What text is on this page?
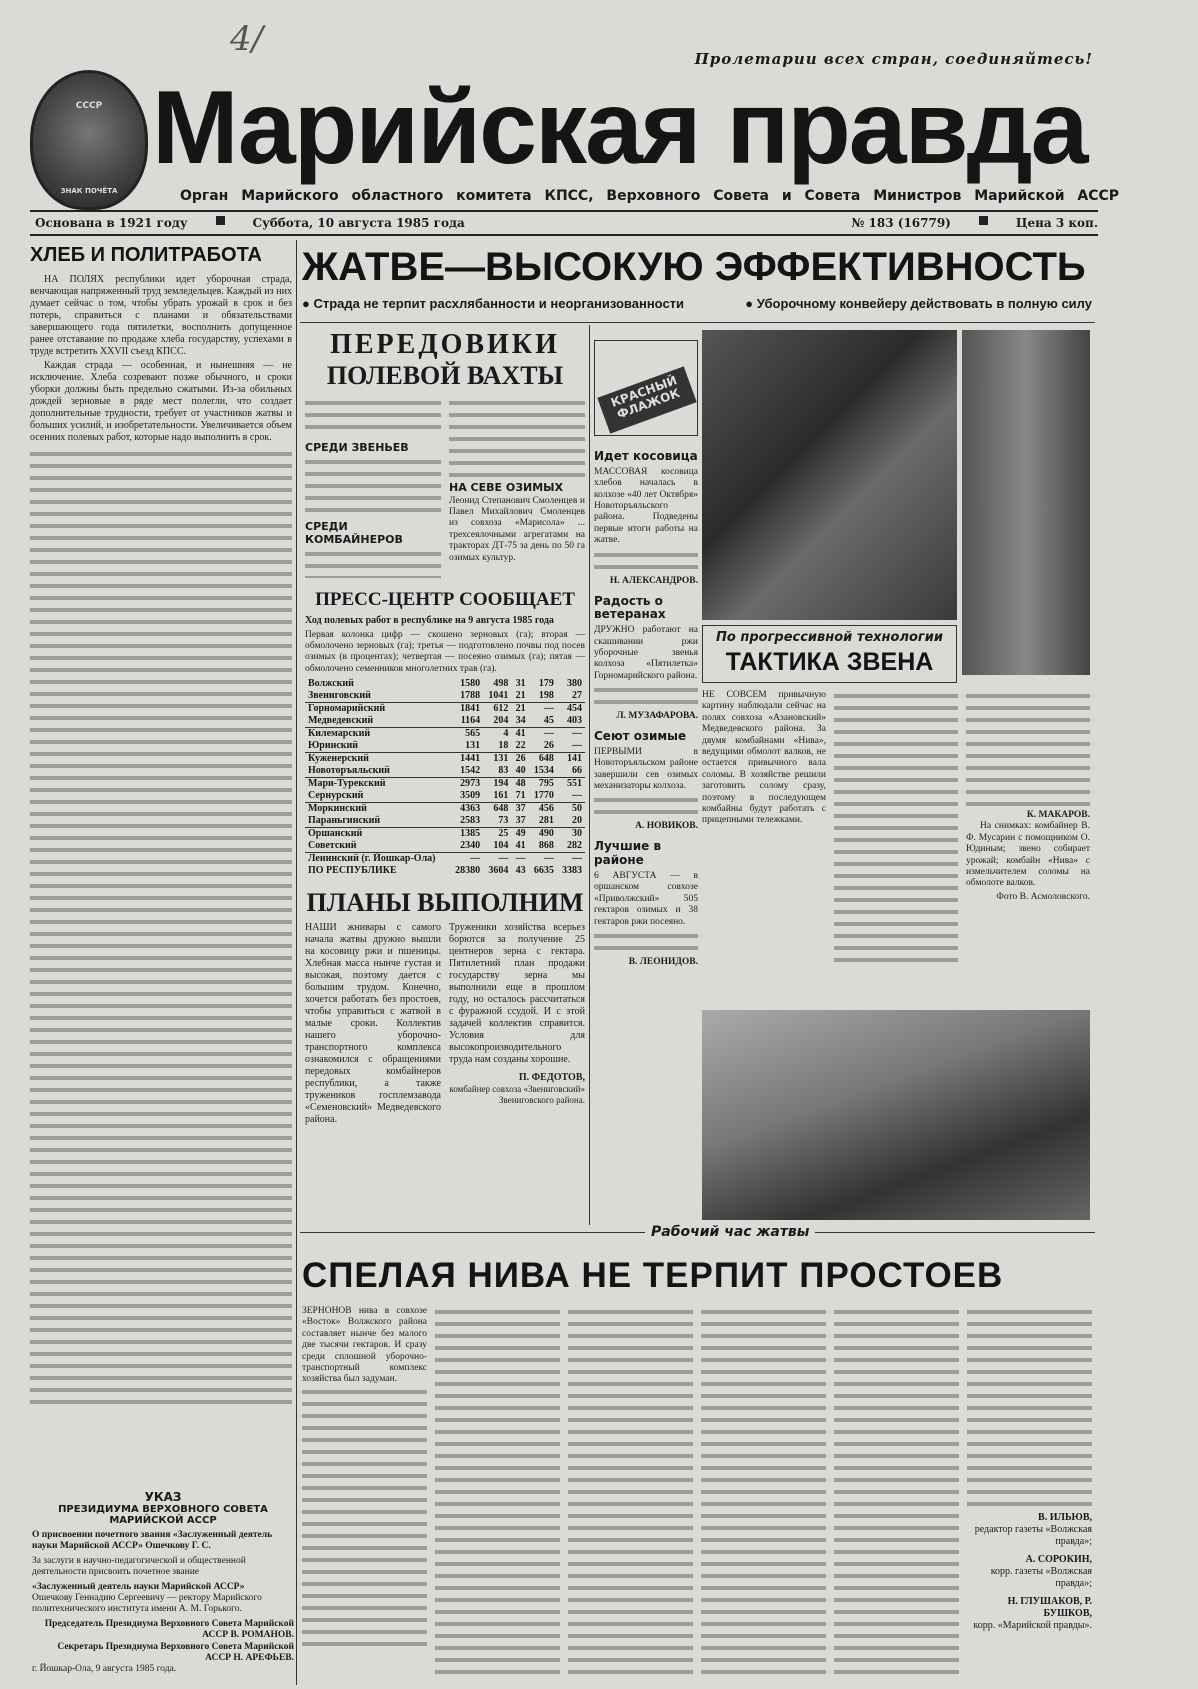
СССР
ЗНАК ПОЧЁТА
4/	Пролетарии всех стран, соединяйтесь!
Марийская правда
Орган Марийского областного комитета КПСС, Верховного Совета и Совета Министров Марийской АССР
Основана в 1921 году	Суббота, 10 августа 1985 года	№ 183 (16779)	Цена 3 коп.
ХЛЕБ И ПОЛИТРАБОТА

НА ПОЛЯХ республики идет уборочная страда, венчающая напряженный труд земледельцев. Каждый из них думает сейчас о том, чтобы убрать урожай в срок и без потерь, справиться с планами и обязательствами завершающего года пятилетки, восполнить допущенное ранее отставание по продаже хлеба государству, успехами в труде встретить XXVII съезд КПСС.

Каждая страда — особенная, и нынешняя — не исключение. Хлеба созревают позже обычного, и сроки уборки должны быть предельно сжатыми. Из-за обильных дождей зерновые в ряде мест полегли, что создает дополнительные трудности, требует от участников жатвы и больших усилий, и изобретательности. Увеличивается объем осенних полевых работ, которые надо выполнить в срок.

УКАЗ
ПРЕЗИДИУМА ВЕРХОВНОГО СОВЕТА МАРИЙСКОЙ АССР

О присвоении почетного звания «Заслуженный деятель науки Марийской АССР» Ошечкову Г. С.

За заслуги в научно-педагогической и общественной деятельности присвоить почетное звание

«Заслуженный деятель науки Марийской АССР»

Ошечкову Геннадию Сергеевичу — ректору Марийского политехнического института имени А. М. Горького.

Председатель Президиума Верховного Совета Марийской АССР В. РОМАНОВ.

Секретарь Президиума Верховного Совета Марийской АССР Н. АРЕФЬЕВ.

г. Йошкар-Ола, 9 августа 1985 года.

ЖАТВЕ—ВЫСОКУЮ ЭФФЕКТИВНОСТЬ
● Страда не терпит расхлябанности и неорганизованности	● Уборочному конвейеру действовать в полную силу
ПЕРЕДОВИКИ
ПОЛЕВОЙ ВАХТЫ
СРЕДИ ЗВЕНЬЕВ
СРЕДИ КОМБАЙНЕРОВ
НА СЕВЕ ОЗИМЫХ
Леонид Степанович Смоленцев и Павел Михайлович Смоленцев из совхоза «Марисола» ... трехсеялочными агрегатами на тракторах ДТ-75 за день по 50 га озимых культур.
ПРЕСС-ЦЕНТР СООБЩАЕТ
Ход полевых работ в республике на 9 августа 1985 года
Первая колонка цифр — скошено зерновых (га); вторая — обмолочено зерновых (га); третья — подготовлено почвы под посев озимых (в процентах); четвертая — посеяно озимых (га); пятая — обмолочено семенников многолетних трав (га).
Волжский	1580	498	31	179	380
Звениговский	1788	1041	21	198	27
Горномарийский	1841	612	21	—	454
Медведевский	1164	204	34	45	403
Килемарский	565	4	41	—	—
Юринский	131	18	22	26	—
Куженерский	1441	131	26	648	141
Новоторъяльский	1542	83	40	1534	66
Мари-Турекский	2973	194	48	795	551
Сернурский	3509	161	71	1770	—
Моркинский	4363	648	37	456	50
Параньгинский	2583	73	37	281	20
Оршанский	1385	25	49	490	30
Советский	2340	104	41	868	282
Ленинский (г. Йошкар-Ола)	—	—	—	—	—
ПО РЕСПУБЛИКЕ	28380	3604	43	6635	3383
ПЛАНЫ ВЫПОЛНИМ
НАШИ жнивары с самого начала жатвы дружно вышли на косовицу ржи и пшеницы. Хлебная масса нынче густая и высокая, поэтому дается с большим трудом. Конечно, хочется работать без простоев, чтобы управиться с жатвой в малые сроки. Коллектив нашего уборочно-транспортного комплекса ознакомился с обращениями передовых комбайнеров республики, а также тружеников госплемзавода «Семеновский» Медведевского района.
Труженики хозяйства всерьез борются за получение 25 центнеров зерна с гектара. Пятилетний план продажи государству зерна мы выполнили еще в прошлом году, но осталось рассчитаться с фуражной ссудой. И с этой задачей коллектив справится. Условия для высокопроизводительного труда нам созданы хорошие.
П. ФЕДОТОВ,
комбайнер совхоза «Звениговский» Звениговского района.
КРАСНЫЙ ФЛАЖОК
Идет косовица
МАССОВАЯ косовица хлебов началась в колхозе «40 лет Октября» Новоторъяльского района. Подведены первые итоги работы на жатве.
Н. АЛЕКСАНДРОВ.
Радость о ветеранах
ДРУЖНО работают на скашивании ржи уборочные звенья колхоза «Пятилетка» Горномарийского района.
Л. МУЗАФАРОВА.
Сеют озимые
ПЕРВЫМИ в Новоторъяльском районе завершили сев озимых механизаторы колхоза.
А. НОВИКОВ.
Лучшие в районе
6 АВГУСТА — в оршанском совхозе «Приволжский» 505 гектаров озимых и 38 гектаров ржи посеяно.
В. ЛЕОНИДОВ.
По прогрессивной технологии
ТАКТИКА ЗВЕНА
НЕ СОВСЕМ привычную картину наблюдали сейчас на полях совхоза «Азановский» Медведевского района. За двумя комбайнами «Нива», ведущими обмолот валков, не остается привычного вала соломы. В хозяйстве решили заготовить солому сразу, поэтому в последующем комбайны будут работать с прицепными тележками.
К. МАКАРОВ.

На снимках: комбайнер В. Ф. Мусарин с помощником О. Юдиным; звено собирает урожай; комбайн «Нива» с измельчителем соломы на обмолоте валков.

Фото В. Асмоловского.
Рабочий час жатвы
СПЕЛАЯ НИВА НЕ ТЕРПИТ ПРОСТОЕВ
ЗЕРНОНОВ нива в совхозе «Восток» Волжского района составляет нынче без малого две тысячи гектаров. И сразу среди сплошной уборочно-транспортный комплекс хозяйства был задуман.
В. ИЛЬЮВ,
редактор газеты «Волжская правда»;
А. СОРОКИН,
корр. газеты «Волжская правда»;
Н. ГЛУШАКОВ, Р. БУШКОВ,
корр. «Марийской правды».
